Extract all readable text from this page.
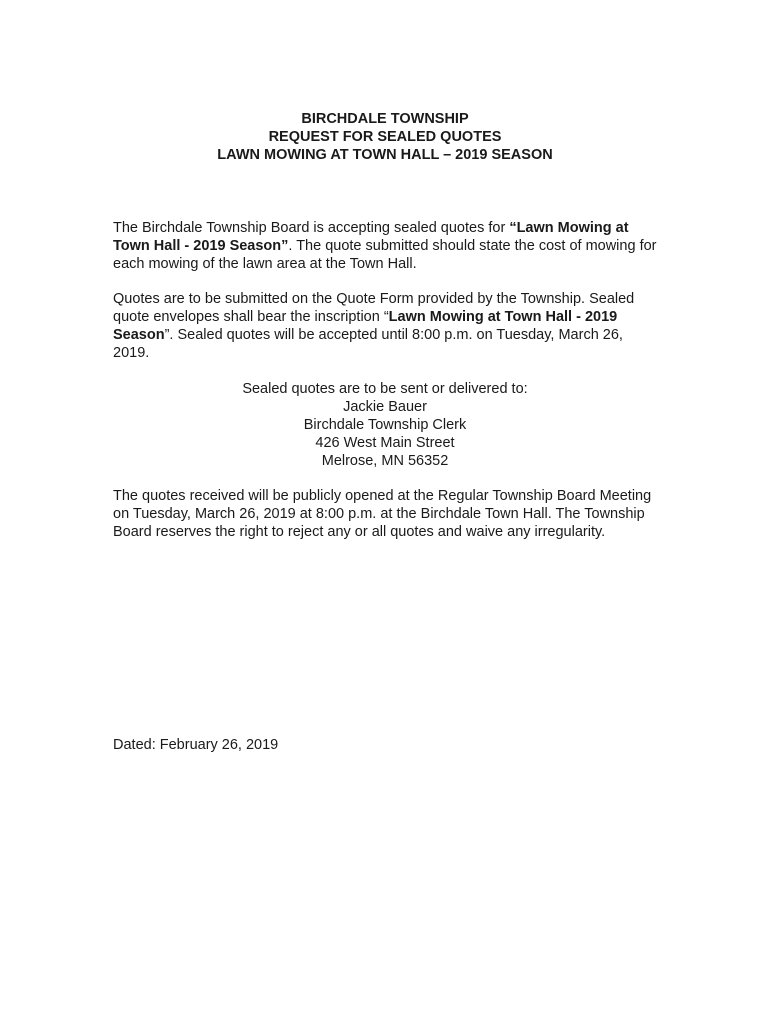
BIRCHDALE TOWNSHIP
REQUEST FOR SEALED QUOTES
LAWN MOWING AT TOWN HALL – 2019 SEASON

The Birchdale Township Board is accepting sealed quotes for “Lawn Mowing at Town Hall - 2019 Season”. The quote submitted should state the cost of mowing for each mowing of the lawn area at the Town Hall.

Quotes are to be submitted on the Quote Form provided by the Township. Sealed quote envelopes shall bear the inscription “Lawn Mowing at Town Hall - 2019 Season”. Sealed quotes will be accepted until 8:00 p.m. on Tuesday, March 26, 2019.

Sealed quotes are to be sent or delivered to:
Jackie Bauer
Birchdale Township Clerk
426 West Main Street
Melrose, MN 56352

The quotes received will be publicly opened at the Regular Township Board Meeting on Tuesday, March 26, 2019 at 8:00 p.m. at the Birchdale Town Hall. The Township Board reserves the right to reject any or all quotes and waive any irregularity.

Dated: February 26, 2019
